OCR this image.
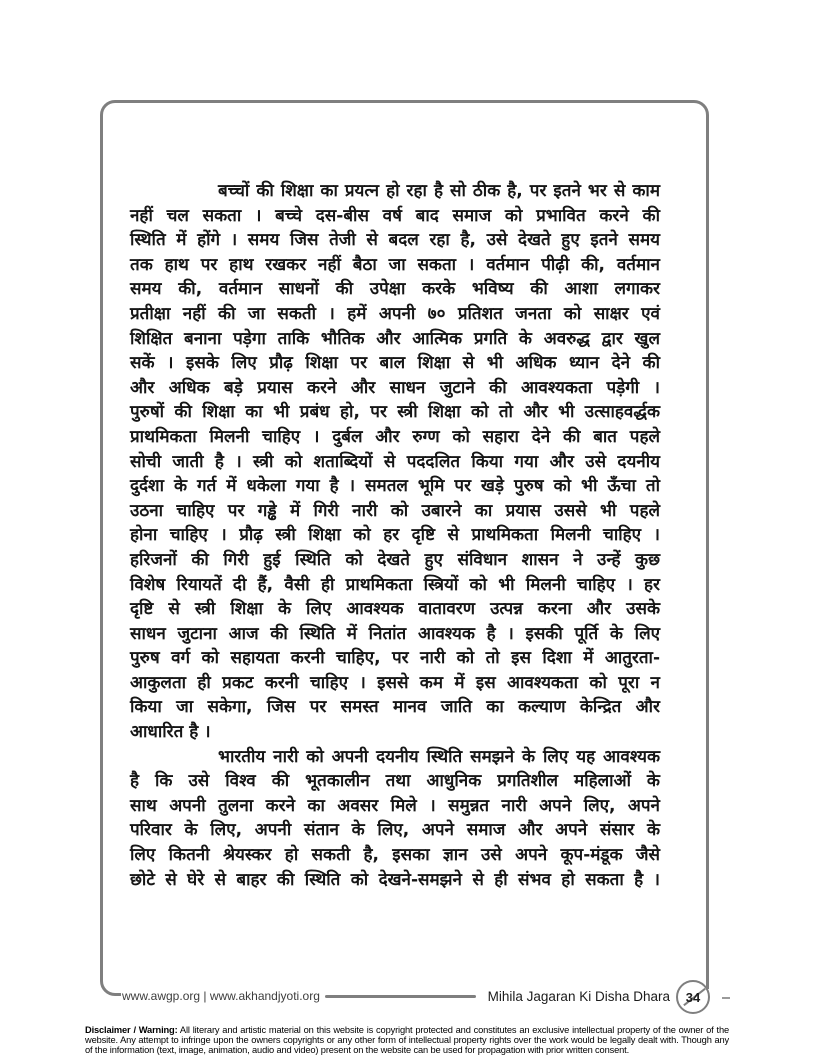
बच्चों की शिक्षा का प्रयत्न हो रहा है सो ठीक है, पर इतने भर से काम
नहीं चल सकता । बच्चे दस-बीस वर्ष बाद समाज को प्रभावित करने की
स्थिति में होंगे । समय जिस तेजी से बदल रहा है, उसे देखते हुए इतने समय
तक हाथ पर हाथ रखकर नहीं बैठा जा सकता । वर्तमान पीढ़ी की, वर्तमान
समय की, वर्तमान साधनों की उपेक्षा करके भविष्य की आशा लगाकर
प्रतीक्षा नहीं की जा सकती । हमें अपनी ७० प्रतिशत जनता को साक्षर एवं
शिक्षित बनाना पड़ेगा ताकि भौतिक और आत्मिक प्रगति के अवरुद्ध द्वार खुल
सकें । इसके लिए प्रौढ़ शिक्षा पर बाल शिक्षा से भी अधिक ध्यान देने की
और अधिक बड़े प्रयास करने और साधन जुटाने की आवश्यकता पड़ेगी ।
पुरुषों की शिक्षा का भी प्रबंध हो, पर स्त्री शिक्षा को तो और भी उत्साहवर्द्धक
प्राथमिकता मिलनी चाहिए । दुर्बल और रुग्ण को सहारा देने की बात पहले
सोची जाती है । स्त्री को शताब्दियों से पददलित किया गया और उसे दयनीय
दुर्दशा के गर्त में धकेला गया है । समतल भूमि पर खड़े पुरुष को भी ऊँचा तो
उठना चाहिए पर गड्ढे में गिरी नारी को उबारने का प्रयास उससे भी पहले
होना चाहिए । प्रौढ़ स्त्री शिक्षा को हर दृष्टि से प्राथमिकता मिलनी चाहिए ।
हरिजनों की गिरी हुई स्थिति को देखते हुए संविधान शासन ने उन्हें कुछ
विशेष रियायतें दी हैं, वैसी ही प्राथमिकता स्त्रियों को भी मिलनी चाहिए । हर
दृष्टि से स्त्री शिक्षा के लिए आवश्यक वातावरण उत्पन्न करना और उसके
साधन जुटाना आज की स्थिति में नितांत आवश्यक है । इसकी पूर्ति के लिए
पुरुष वर्ग को सहायता करनी चाहिए, पर नारी को तो इस दिशा में आतुरता-
आकुलता ही प्रकट करनी चाहिए । इससे कम में इस आवश्यकता को पूरा न
किया जा सकेगा, जिस पर समस्त मानव जाति का कल्याण केन्द्रित और
आधारित है ।
भारतीय नारी को अपनी दयनीय स्थिति समझने के लिए यह आवश्यक
है कि उसे विश्व की भूतकालीन तथा आधुनिक प्रगतिशील महिलाओं के
साथ अपनी तुलना करने का अवसर मिले । समुन्नत नारी अपने लिए, अपने
परिवार के लिए, अपनी संतान के लिए, अपने समाज और अपने संसार के
लिए कितनी श्रेयस्कर हो सकती है, इसका ज्ञान उसे अपने कूप-मंडूक जैसे
छोटे से घेरे से बाहर की स्थिति को देखने-समझने से ही संभव हो सकता है ।
www.awgp.org | www.akhandjyoti.org	Mihila Jagaran Ki Disha Dhara 34
Disclaimer / Warning: All literary and artistic material on this website is copyright protected and constitutes an exclusive intellectual property of the owner of the website. Any attempt to infringe upon the owners copyrights or any other form of intellectual property rights over the work would be legally dealt with. Though any of the information (text, image, animation, audio and video) present on the website can be used for propagation with prior written consent.
